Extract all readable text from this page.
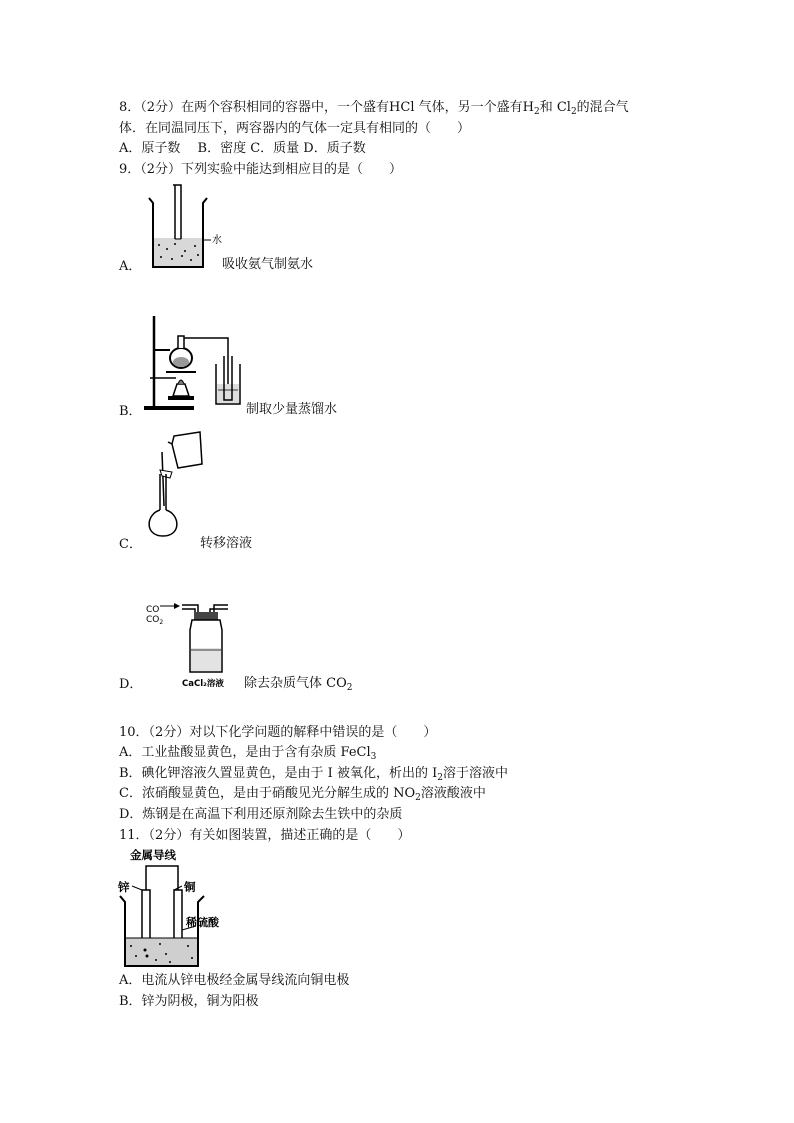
8．（2分）在两个容积相同的容器中，一个盛有HCl 气体，另一个盛有$H_2$和 $Cl_2$的混合气
体．在同温同压下，两容器内的气体一定具有相同的（　　）
A．原子数　 B．密度 C．质量 D．质子数
9．（2分）下列实验中能达到相应目的是（　　）
水
A．	吸收氨气制氨水
B．	制取少量蒸馏水
C．	转移溶液
CO
$CO_2$
CaCl₂溶液
D．	除去杂质气体 $CO_2$
10．（2分）对以下化学问题的解释中错误的是（　　）
A．工业盐酸显黄色，是由于含有杂质 FeCl$_3$
B．碘化钾溶液久置显黄色，是由于 I 被氧化，析出的 $I_2$溶于溶液中
C．浓硝酸显黄色，是由于硝酸见光分解生成的 $NO_2$溶液酸液中
D．炼钢是在高温下利用还原剂除去生铁中的杂质
11．（2分）有关如图装置，描述正确的是（　　）
金属导线
锌	铜
稀硫酸
A．电流从锌电极经金属导线流向铜电极
B．锌为阴极，铜为阳极
